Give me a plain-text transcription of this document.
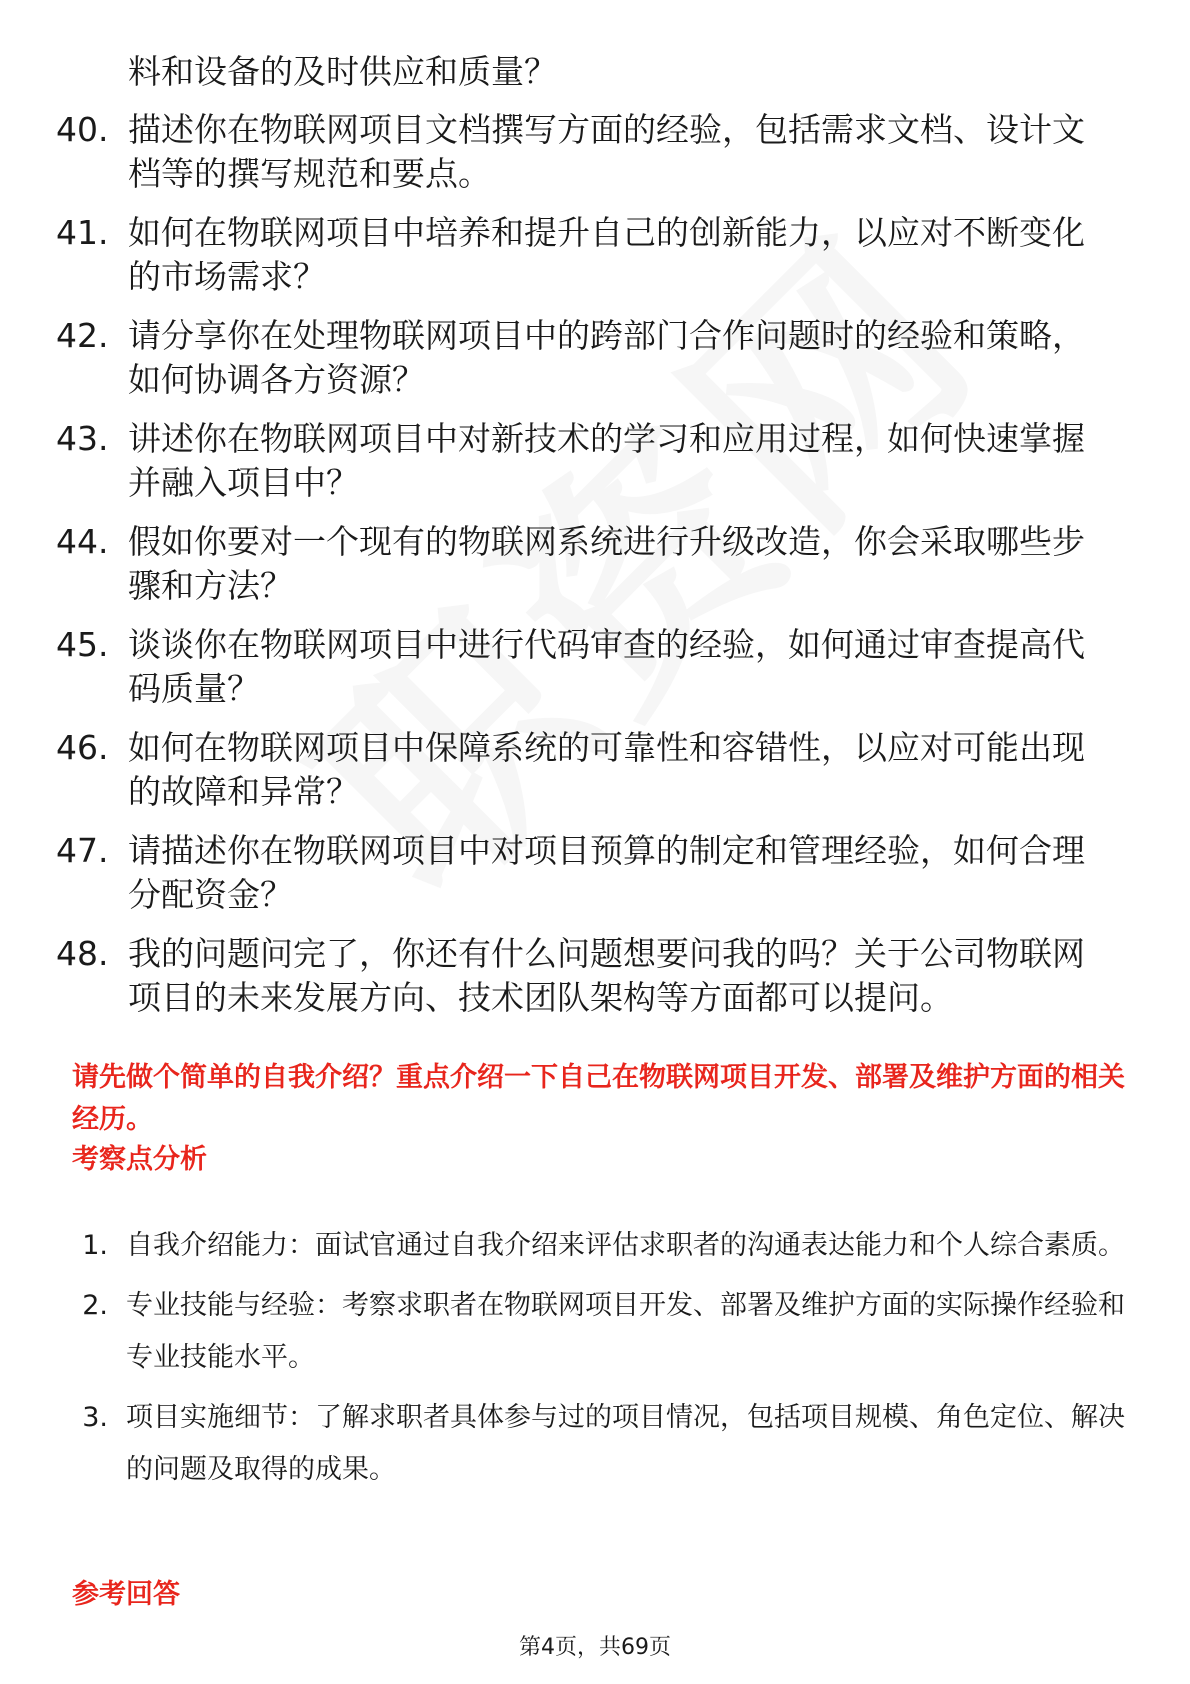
料和设备的及时供应和质量？
40. 描述你在物联网项目文档撰写方面的经验，包括需求文档、设计文档等的撰写规范和要点。
41. 如何在物联网项目中培养和提升自己的创新能力，以应对不断变化的市场需求？
42. 请分享你在处理物联网项目中的跨部门合作问题时的经验和策略，如何协调各方资源？
43. 讲述你在物联网项目中对新技术的学习和应用过程，如何快速掌握并融入项目中？
44. 假如你要对一个现有的物联网系统进行升级改造，你会采取哪些步骤和方法？
45. 谈谈你在物联网项目中进行代码审查的经验，如何通过审查提高代码质量？
46. 如何在物联网项目中保障系统的可靠性和容错性，以应对可能出现的故障和异常？
47. 请描述你在物联网项目中对项目预算的制定和管理经验，如何合理分配资金？
48. 我的问题问完了，你还有什么问题想要问我的吗？关于公司物联网项目的未来发展方向、技术团队架构等方面都可以提问。
请先做个简单的自我介绍？重点介绍一下自己在物联网项目开发、部署及维护方面的相关经历。
考察点分析
1. 自我介绍能力：面试官通过自我介绍来评估求职者的沟通表达能力和个人综合素质。
2. 专业技能与经验：考察求职者在物联网项目开发、部署及维护方面的实际操作经验和专业技能水平。
3. 项目实施细节：了解求职者具体参与过的项目情况，包括项目规模、角色定位、解决的问题及取得的成果。
参考回答
第4页，共69页
